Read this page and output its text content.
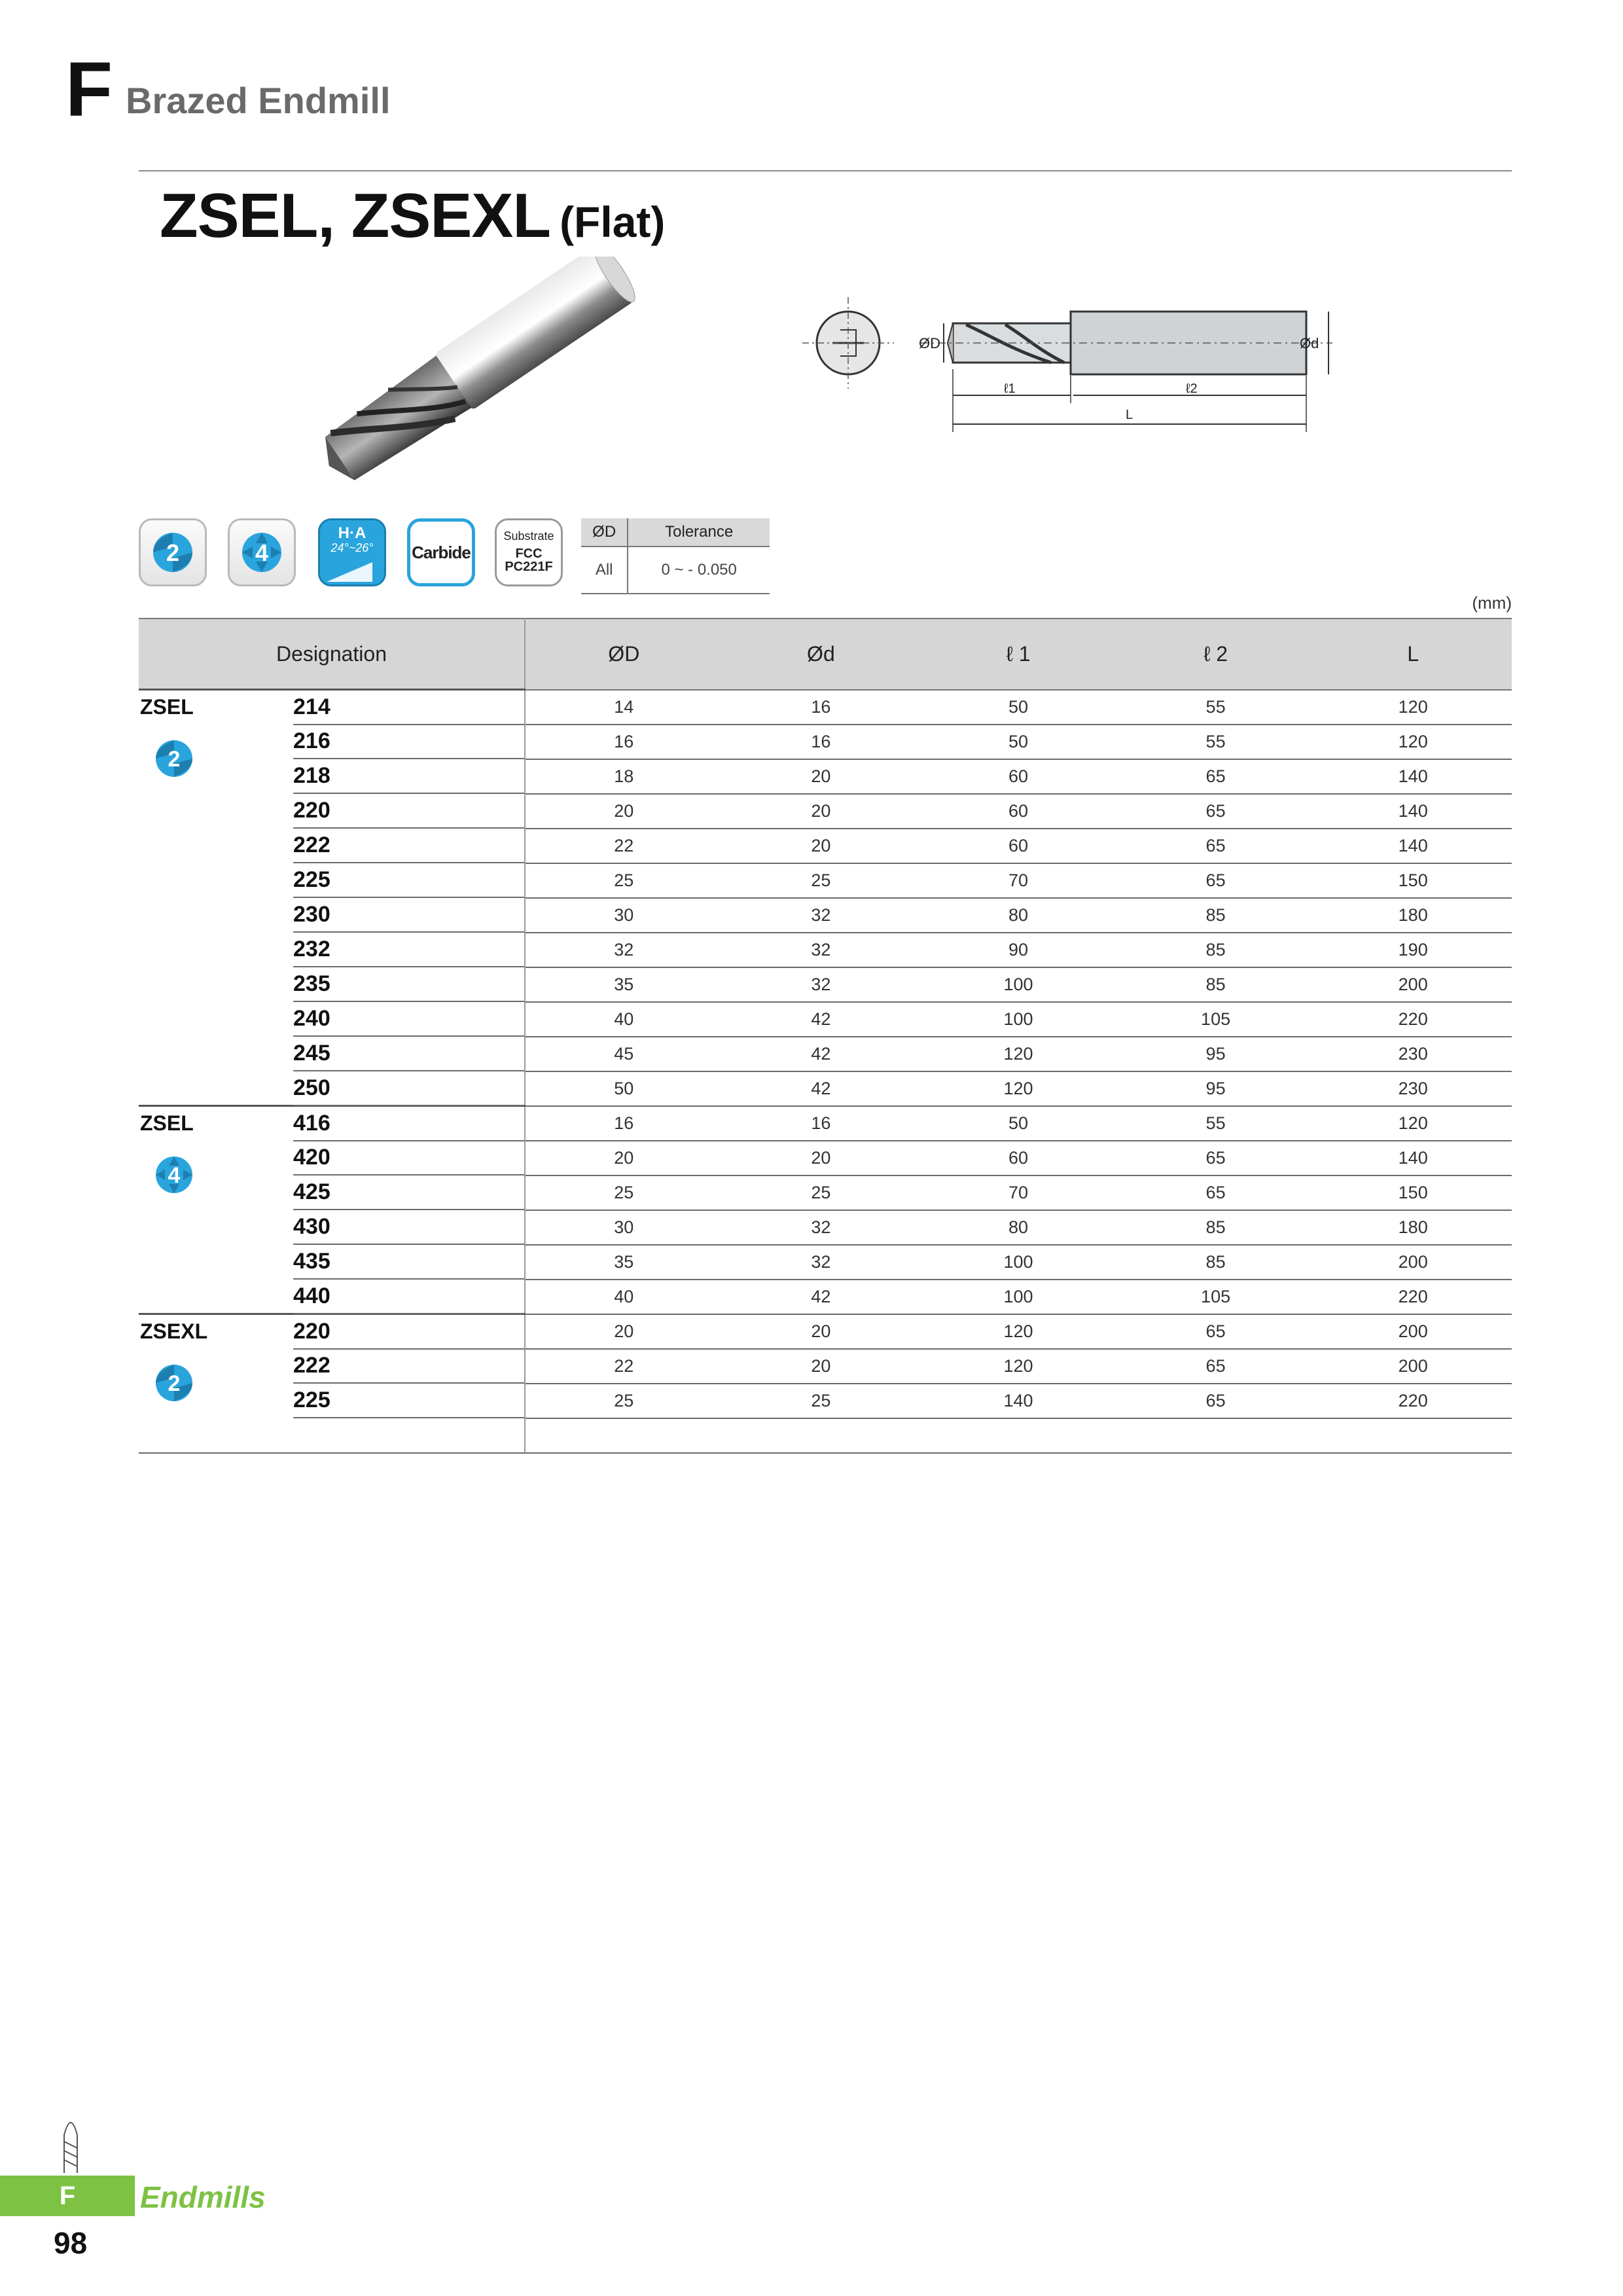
F Brazed Endmill
ZSEL, ZSEXL (Flat)
ØD	Ød
ℓ1	ℓ2
L
2	4
H·A
24°~26°	Carbide
Substrate
FCC
PC221F
ØD	Tolerance
All	0 ~ - 0.050
(mm)
Designation	ØD	Ød	ℓ 1	ℓ 2	L

ZSEL
2
214	14	16	50	55	120

216	16	16	50	55	120

218	18	20	60	65	140

220	20	20	60	65	140

222	22	20	60	65	140

225	25	25	70	65	150

230	30	32	80	85	180

232	32	32	90	85	190

235	35	32	100	85	200

240	40	42	100	105	220

245	45	42	120	95	230

250	50	42	120	95	230

ZSEL
4
416	16	16	50	55	120

420	20	20	60	65	140

425	25	25	70	65	150

430	30	32	80	85	180

435	35	32	100	85	200

440	40	42	100	105	220

ZSEXL
2
220	20	20	120	65	200

222	22	20	120	65	200

225	25	25	140	65	220

F	Endmills
98
